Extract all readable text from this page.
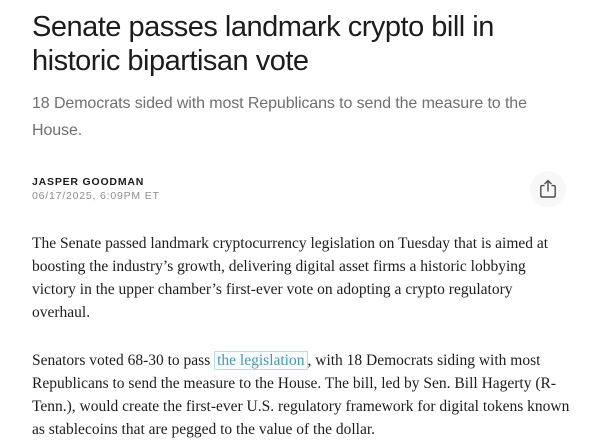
Senate passes landmark crypto bill in historic bipartisan vote

18 Democrats sided with most Republicans to send the measure to the House.

JASPER GOODMAN
06/17/2025, 6:09PM ET

The Senate passed landmark cryptocurrency legislation on Tuesday that is aimed at boosting the industry’s growth, delivering digital asset firms a historic lobbying victory in the upper chamber’s first-ever vote on adopting a crypto regulatory overhaul.

Senators voted 68-30 to pass the legislation , with 18 Democrats siding with most Republicans to send the measure to the House. The bill, led by Sen. Bill Hagerty (R-Tenn.), would create the first-ever U.S. regulatory framework for digital tokens known as stablecoins that are pegged to the value of the dollar.
